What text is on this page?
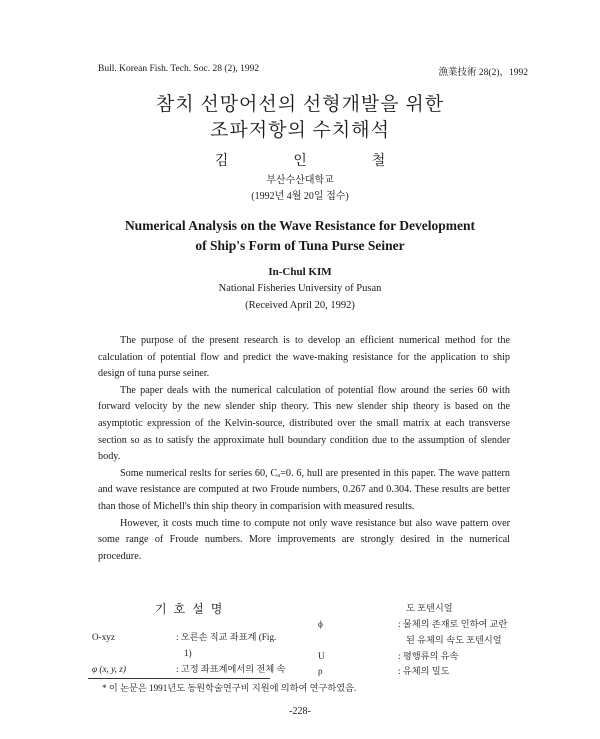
Bull. Korean Fish. Tech. Soc. 28 (2), 1992	漁業技術 28(2)，1992
참치 선망어선의 선형개발을 위한
조파저항의 수치해석
김	인	철
부산수산대학교
(1992년 4월 20일 접수)
Numerical Analysis on the Wave Resistance for Development
of Ship's Form of Tuna Purse Seiner
In-Chul KIM
National Fisheries University of Pusan
(Received April 20, 1992)

The purpose of the present research is to develop an efficient numerical method for the calculation of potential flow and predict the wave-making resistance for the application to ship design of tuna purse seiner.

The paper deals with the numerical calculation of potential flow around the series 60 with forward velocity by the new slender ship theory. This new slender ship theory is based on the asymptotic expression of the Kelvin-source, distributed over the small matrix at each transverse section so as to satisfy the approximate hull boundary condition due to the assumption of slender body.

Some numerical reslts for series 60, Cₐ=0. 6, hull are presented in this paper. The wave pattern and wave resistance are computed at two Froude numbers, 0.267 and 0.304. These results are better than those of Michell's thin ship theory in comparision with measured results.

However, it costs much time to compute not only wave resistance but also wave pattern over some range of Froude numbers. More improvements are strongly desired in the numerical procedure.

기 호 설 명
O-xyz	: 오른손 직교 좌표계 (Fig.
1)
φ (x, y, z)	: 고정 좌표계에서의 전체 속
도 포텐시얼
ϕ	: 물체의 존재로 인하여 교란
된 유체의 속도 포텐시얼
U	: 평행류의 유속
ρ	: 유체의 밀도
* 이 논문은 1991년도 동원학술연구비 지원에 의하여 연구하였음.
-228-
